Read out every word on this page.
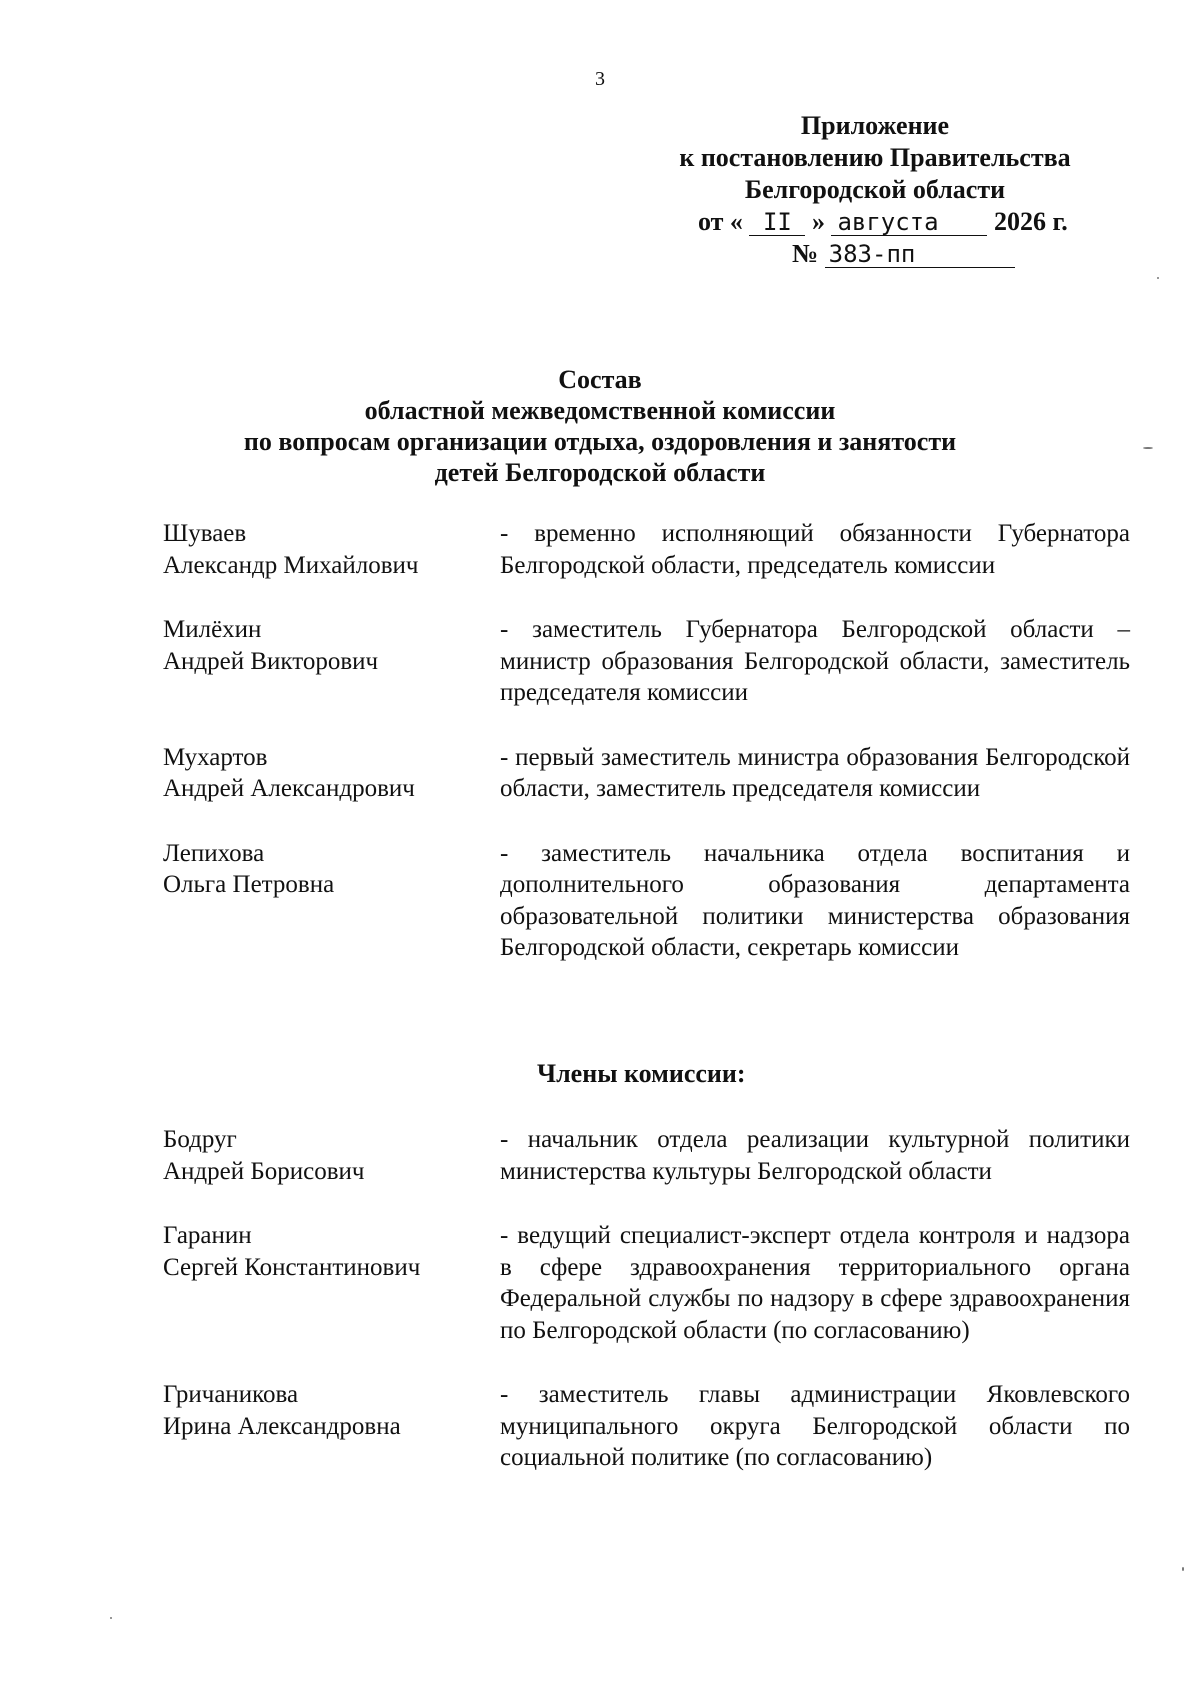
3
Приложение
к постановлению Правительства
Белгородской области
от « II » августа 2026 г.
№ 383-пп
Состав
областной межведомственной комиссии
по вопросам организации отдыха, оздоровления и занятости
детей Белгородской области
Шуваев
Александр Михайлович
- временно исполняющий обязанности Губернатора Белгородской области, председатель комиссии
Милёхин
Андрей Викторович
- заместитель Губернатора Белгородской области – министр образования Белгородской области, заместитель председателя комиссии
Мухартов
Андрей Александрович
- первый заместитель министра образования Белгородской области, заместитель председателя комиссии
Лепихова
Ольга Петровна
- заместитель начальника отдела воспитания и дополнительного образования департамента образовательной политики министерства образования Белгородской области, секретарь комиссии
Члены комиссии:
Бодруг
Андрей Борисович
- начальник отдела реализации культурной политики министерства культуры Белгородской области
Гаранин
Сергей Константинович
- ведущий специалист-эксперт отдела контроля и надзора в сфере здравоохранения территориального органа Федеральной службы по надзору в сфере здравоохранения по Белгородской области (по согласованию)
Гричаникова
Ирина Александровна
- заместитель главы администрации Яковлевского муниципального округа Белгородской области по социальной политике (по согласованию)
